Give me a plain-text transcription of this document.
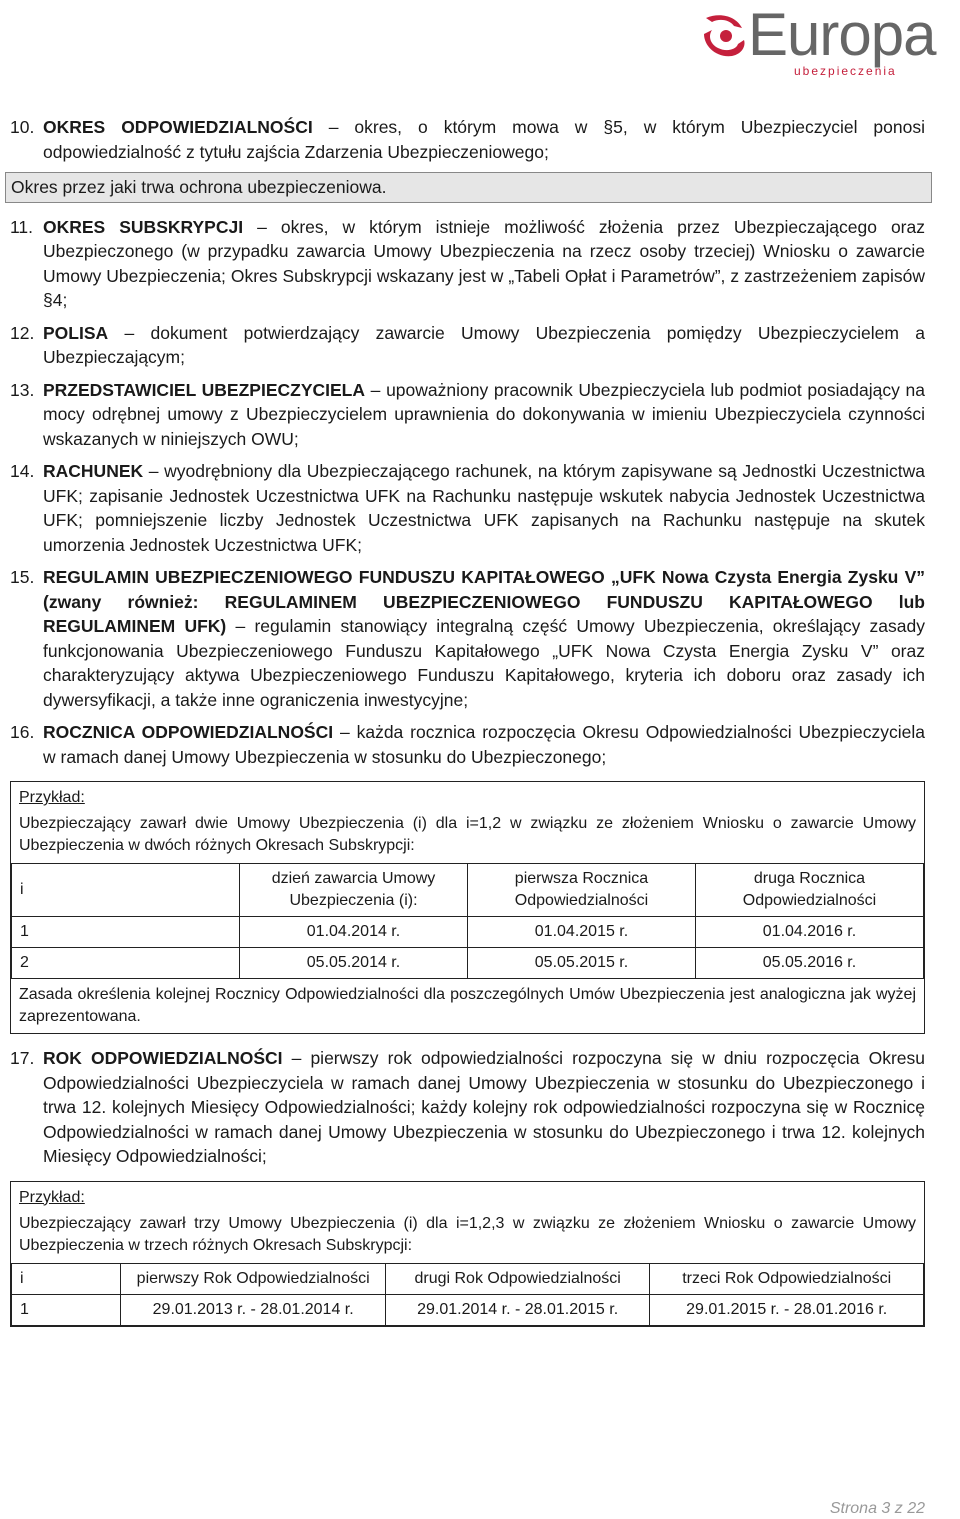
Europa
ubezpieczenia
10. OKRES ODPOWIEDZIALNOŚCI – okres, o którym mowa w §5, w którym Ubezpieczyciel ponosi odpowiedzialność z tytułu zajścia Zdarzenia Ubezpieczeniowego;
Okres przez jaki trwa ochrona ubezpieczeniowa.
11. OKRES SUBSKRYPCJI – okres, w którym istnieje możliwość złożenia przez Ubezpieczającego oraz Ubezpieczonego (w przypadku zawarcia Umowy Ubezpieczenia na rzecz osoby trzeciej) Wniosku o zawarcie Umowy Ubezpieczenia; Okres Subskrypcji wskazany jest w „Tabeli Opłat i Parametrów”, z zastrzeżeniem zapisów §4;
12. POLISA – dokument potwierdzający zawarcie Umowy Ubezpieczenia pomiędzy Ubezpieczycielem a Ubezpieczającym;
13. PRZEDSTAWICIEL UBEZPIECZYCIELA – upoważniony pracownik Ubezpieczyciela lub podmiot posiadający na mocy odrębnej umowy z Ubezpieczycielem uprawnienia do dokonywania w imieniu Ubezpieczyciela czynności wskazanych w niniejszych OWU;
14. RACHUNEK – wyodrębniony dla Ubezpieczającego rachunek, na którym zapisywane są Jednostki Uczestnictwa UFK; zapisanie Jednostek Uczestnictwa UFK na Rachunku następuje wskutek nabycia Jednostek Uczestnictwa UFK; pomniejszenie liczby Jednostek Uczestnictwa UFK zapisanych na Rachunku następuje na skutek umorzenia Jednostek Uczestnictwa UFK;
15. REGULAMIN UBEZPIECZENIOWEGO FUNDUSZU KAPITAŁOWEGO „UFK Nowa Czysta Energia Zysku V” (zwany również: REGULAMINEM UBEZPIECZENIOWEGO FUNDUSZU KAPITAŁOWEGO lub REGULAMINEM UFK) – regulamin stanowiący integralną część Umowy Ubezpieczenia, określający zasady funkcjonowania Ubezpieczeniowego Funduszu Kapitałowego „UFK Nowa Czysta Energia Zysku V” oraz charakteryzujący aktywa Ubezpieczeniowego Funduszu Kapitałowego, kryteria ich doboru oraz zasady ich dywersyfikacji, a także inne ograniczenia inwestycyjne;
16. ROCZNICA ODPOWIEDZIALNOŚCI – każda rocznica rozpoczęcia Okresu Odpowiedzialności Ubezpieczyciela w ramach danej Umowy Ubezpieczenia w stosunku do Ubezpieczonego;
Przykład:
Ubezpieczający zawarł dwie Umowy Ubezpieczenia (i) dla i=1,2 w związku ze złożeniem Wniosku o zawarcie Umowy Ubezpieczenia w dwóch różnych Okresach Subskrypcji:
i	dzień zawarcia Umowy Ubezpieczenia (i):	pierwsza Rocznica Odpowiedzialności	druga Rocznica Odpowiedzialności
1	01.04.2014 r.	01.04.2015 r.	01.04.2016 r.
2	05.05.2014 r.	05.05.2015 r.	05.05.2016 r.
Zasada określenia kolejnej Rocznicy Odpowiedzialności dla poszczególnych Umów Ubezpieczenia jest analogiczna jak wyżej zaprezentowana.
17. ROK ODPOWIEDZIALNOŚCI – pierwszy rok odpowiedzialności rozpoczyna się w dniu rozpoczęcia Okresu Odpowiedzialności Ubezpieczyciela w ramach danej Umowy Ubezpieczenia w stosunku do Ubezpieczonego i trwa 12. kolejnych Miesięcy Odpowiedzialności; każdy kolejny rok odpowiedzialności rozpoczyna się w Rocznicę Odpowiedzialności w ramach danej Umowy Ubezpieczenia w stosunku do Ubezpieczonego i trwa 12. kolejnych Miesięcy Odpowiedzialności;
Przykład:
Ubezpieczający zawarł trzy Umowy Ubezpieczenia (i) dla i=1,2,3 w związku ze złożeniem Wniosku o zawarcie Umowy Ubezpieczenia w trzech różnych Okresach Subskrypcji:
i	pierwszy Rok Odpowiedzialności	drugi Rok Odpowiedzialności	trzeci Rok Odpowiedzialności
1	29.01.2013 r. - 28.01.2014 r.	29.01.2014 r. - 28.01.2015 r.	29.01.2015 r. - 28.01.2016 r.
Strona 3 z 22
